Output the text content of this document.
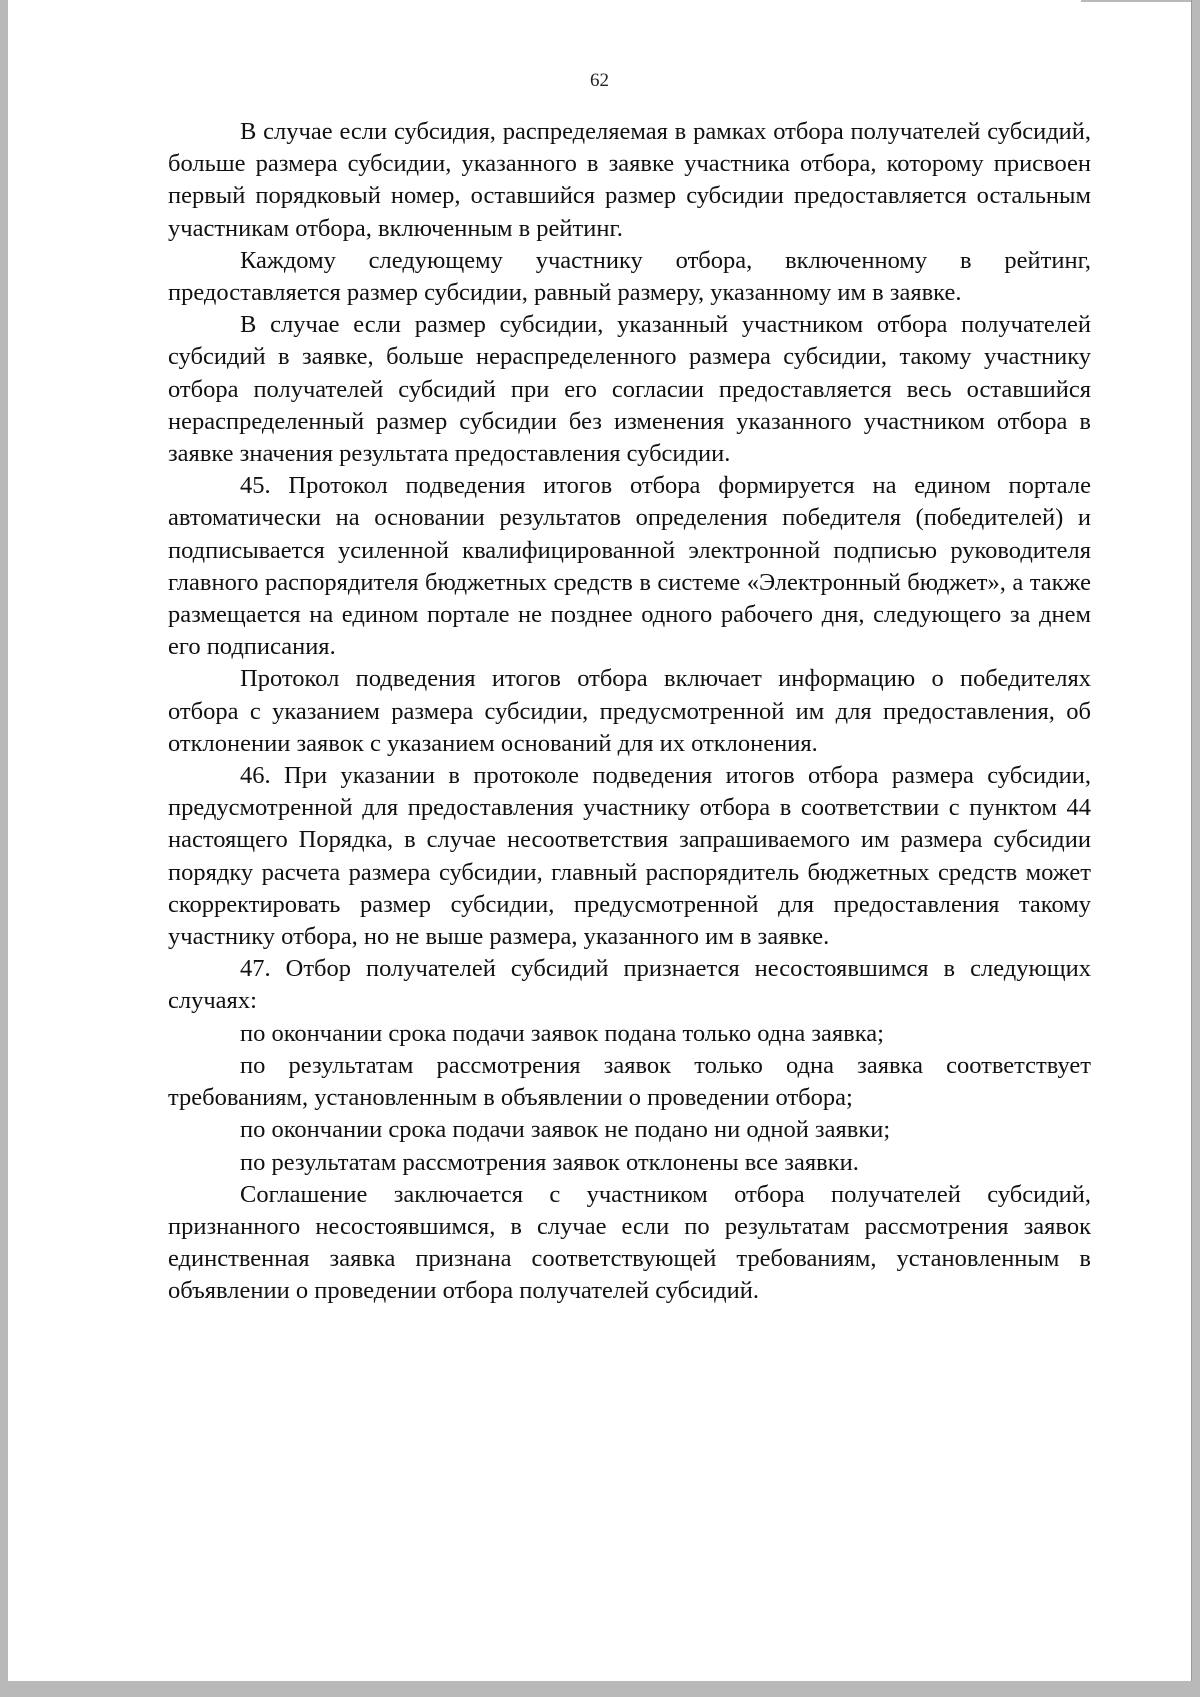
62

В случае если субсидия, распределяемая в рамках отбора получателей субсидий, больше размера субсидии, указанного в заявке участника отбора, которому присвоен первый порядковый номер, оставшийся размер субсидии предоставляется остальным участникам отбора, включенным в рейтинг.

Каждому следующему участнику отбора, включенному в рейтинг, предоставляется размер субсидии, равный размеру, указанному им в заявке.

В случае если размер субсидии, указанный участником отбора получателей субсидий в заявке, больше нераспределенного размера субсидии, такому участнику отбора получателей субсидий при его согласии предоставляется весь оставшийся нераспределенный размер субсидии без изменения указанного участником отбора в заявке значения результата предоставления субсидии.

45. Протокол подведения итогов отбора формируется на едином портале автоматически на основании результатов определения победителя (победителей) и подписывается усиленной квалифицированной электронной подписью руководителя главного распорядителя бюджетных средств в системе «Электронный бюджет», а также размещается на едином портале не позднее одного рабочего дня, следующего за днем его подписания.

Протокол подведения итогов отбора включает информацию о победителях отбора с указанием размера субсидии, предусмотренной им для предоставления, об отклонении заявок с указанием оснований для их отклонения.

46. При указании в протоколе подведения итогов отбора размера субсидии, предусмотренной для предоставления участнику отбора в соответствии с пунктом 44 настоящего Порядка, в случае несоответствия запрашиваемого им размера субсидии порядку расчета размера субсидии, главный распорядитель бюджетных средств может скорректировать размер субсидии, предусмотренной для предоставления такому участнику отбора, но не выше размера, указанного им в заявке.

47. Отбор получателей субсидий признается несостоявшимся в следующих случаях:

по окончании срока подачи заявок подана только одна заявка;

по результатам рассмотрения заявок только одна заявка соответствует требованиям, установленным в объявлении о проведении отбора;

по окончании срока подачи заявок не подано ни одной заявки;

по результатам рассмотрения заявок отклонены все заявки.

Соглашение заключается с участником отбора получателей субсидий, признанного несостоявшимся, в случае если по результатам рассмотрения заявок единственная заявка признана соответствующей требованиям, установленным в объявлении о проведении отбора получателей субсидий.
